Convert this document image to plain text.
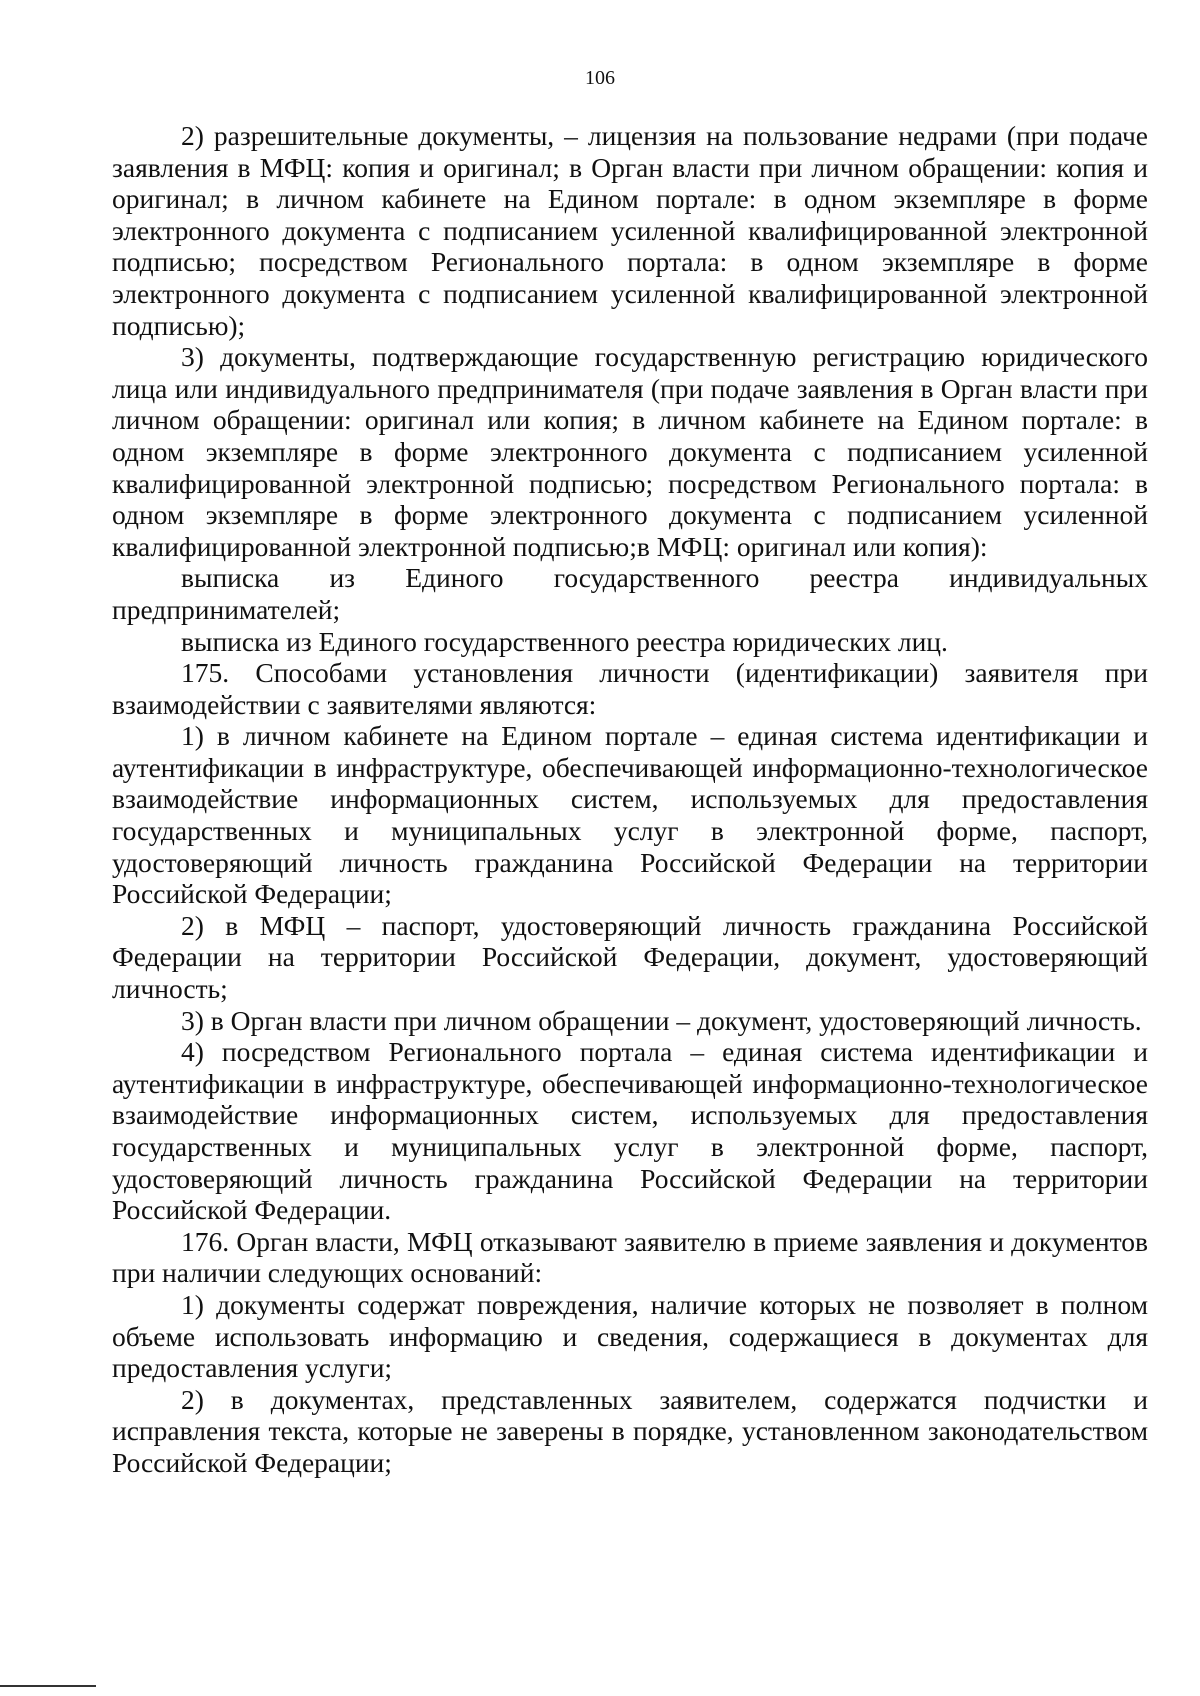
106

2) разрешительные документы, – лицензия на пользование недрами (при подаче заявления в МФЦ: копия и оригинал; в Орган власти при личном обращении: копия и оригинал; в личном кабинете на Едином портале: в одном экземпляре в форме электронного документа с подписанием усиленной квалифицированной электронной подписью; посредством Регионального портала: в одном экземпляре в форме электронного документа с подписанием усиленной квалифицированной электронной подписью);

3) документы, подтверждающие государственную регистрацию юридического лица или индивидуального предпринимателя (при подаче заявления в Орган власти при личном обращении: оригинал или копия; в личном кабинете на Едином портале: в одном экземпляре в форме электронного документа с подписанием усиленной квалифицированной электронной подписью; посредством Регионального портала: в одном экземпляре в форме электронного документа с подписанием усиленной квалифицированной электронной подписью;в МФЦ: оригинал или копия):

выписка из Единого государственного реестра индивидуальных предпринимателей;

выписка из Единого государственного реестра юридических лиц.

175. Способами установления личности (идентификации) заявителя при взаимодействии с заявителями являются:

1) в личном кабинете на Едином портале – единая система идентификации и аутентификации в инфраструктуре, обеспечивающей информационно-технологическое взаимодействие информационных систем, используемых для предоставления государственных и муниципальных услуг в электронной форме, паспорт, удостоверяющий личность гражданина Российской Федерации на территории Российской Федерации;

2) в МФЦ – паспорт, удостоверяющий личность гражданина Российской Федерации на территории Российской Федерации, документ, удостоверяющий личность;

3) в Орган власти при личном обращении – документ, удостоверяющий личность.

4) посредством Регионального портала – единая система идентификации и аутентификации в инфраструктуре, обеспечивающей информационно-технологическое взаимодействие информационных систем, используемых для предоставления государственных и муниципальных услуг в электронной форме, паспорт, удостоверяющий личность гражданина Российской Федерации на территории Российской Федерации.

176. Орган власти, МФЦ отказывают заявителю в приеме заявления и документов при наличии следующих оснований:

1) документы содержат повреждения, наличие которых не позволяет в полном объеме использовать информацию и сведения, содержащиеся в документах для предоставления услуги;

2) в документах, представленных заявителем, содержатся подчистки и исправления текста, которые не заверены в порядке, установленном законодательством Российской Федерации;
